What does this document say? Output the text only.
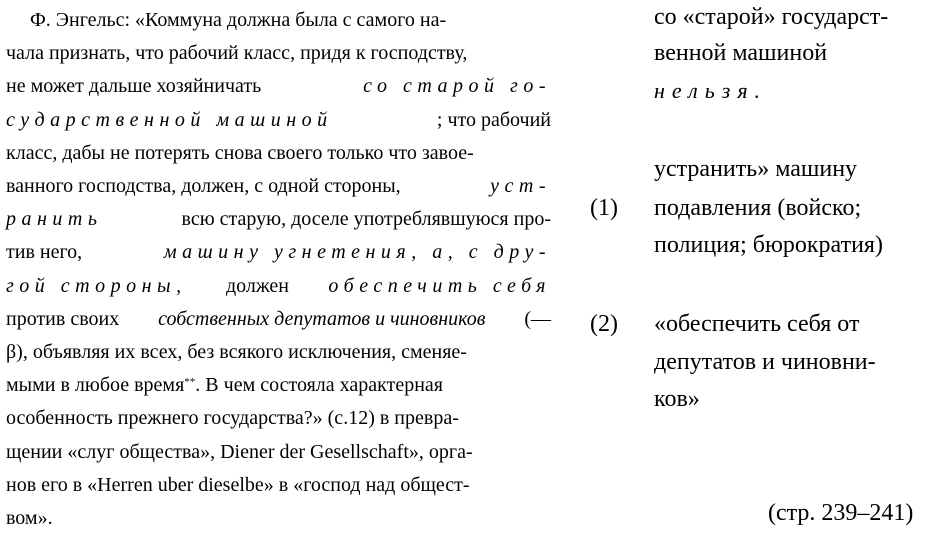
Ф. Энгельс: «Коммуна должна была с самого на-
чала признать, что рабочий класс, придя к господству,
не может дальше хозяйничать	со старой го-
сударственной машиной	; что рабочий
класс, дабы не потерять снова своего только что завое-
ванного господства, должен, с одной стороны,	уст-
ранить	всю старую, доселе употреблявшуюся про-
тив него,	машину угнетения, а, с дру-
гой стороны, должен обеспечить себя
против своих собственных депутатов и чиновников (—
β), объявляя их всех, без всякого исключения, сменяе-
мыми в любое время**. В чем состояла характерная
особенность прежнего государства?» (с.12) в превра-
щении «слуг общества», Diener der Gesellschaft», орга-
нов его в «Herren uber dieselbe» в «господ над общест-
вом».
со «старой» государст-
венной машиной
нельзя.
устранить» машину
(1) подавления (войско;
полиция; бюрократия)
(2) «обеспечить себя от
депутатов и чиновни-
ков»
(стр. 239–241)
